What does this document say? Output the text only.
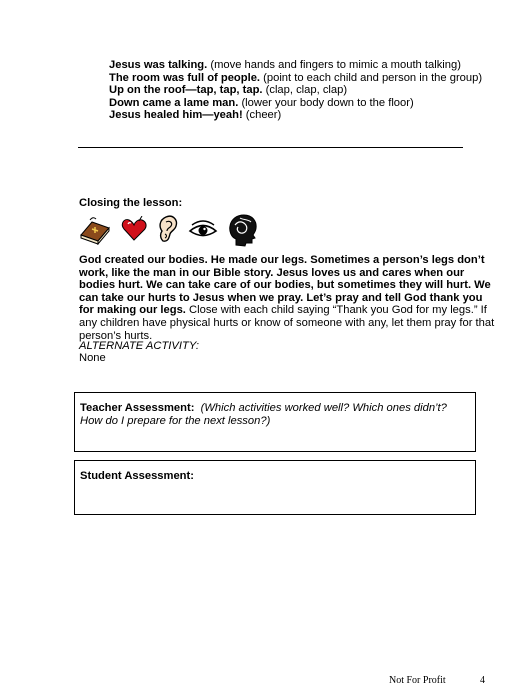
Jesus was talking. (move hands and fingers to mimic a mouth talking)
The room was full of people. (point to each child and person in the group)
Up on the roof—tap, tap, tap. (clap, clap, clap)
Down came a lame man. (lower your body down to the floor)
Jesus healed him—yeah! (cheer)
Closing the lesson:
God created our bodies. He made our legs. Sometimes a person’s legs don’t work, like the man in our Bible story. Jesus loves us and cares when our bodies hurt. We can take care of our bodies, but sometimes they will hurt. We can take our hurts to Jesus when we pray. Let’s pray and tell God thank you for making our legs. Close with each child saying “Thank you God for my legs.” If any children have physical hurts or know of someone with any, let them pray for that person’s hurts.
ALTERNATE ACTIVITY:
None
Teacher Assessment: (Which activities worked well? Which ones didn’t? How do I prepare for the next lesson?)
Student Assessment:
Not For Profit	4
